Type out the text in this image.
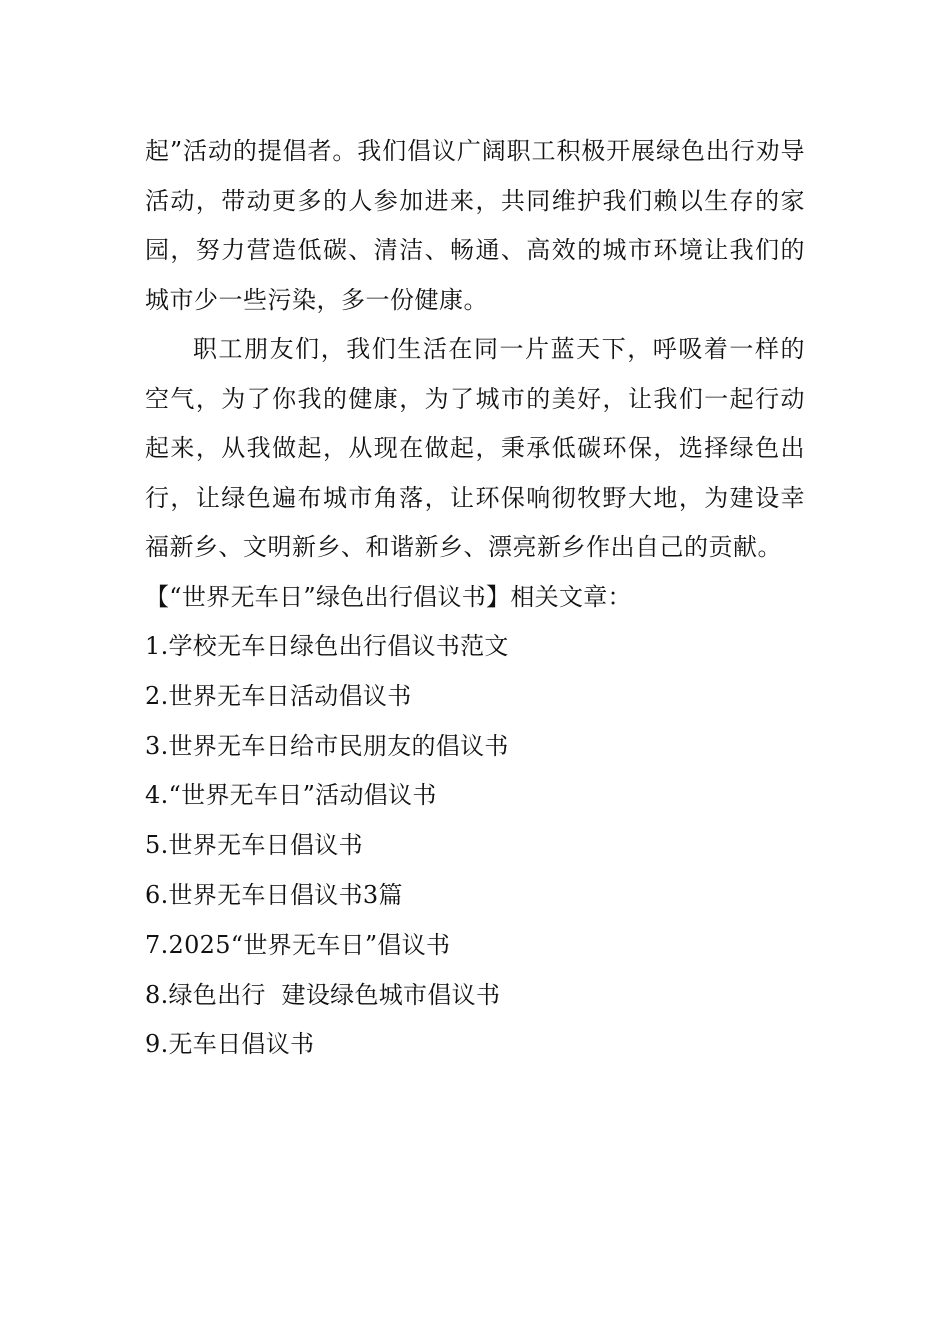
起”活动的提倡者。我们倡议广阔职工积极开展绿色出行劝导活动，带动更多的人参加进来，共同维护我们赖以生存的家园，努力营造低碳、清洁、畅通、高效的城市环境让我们的城市少一些污染，多一份健康。

职工朋友们，我们生活在同一片蓝天下，呼吸着一样的空气，为了你我的健康，为了城市的美好，让我们一起行动起来，从我做起，从现在做起，秉承低碳环保，选择绿色出行，让绿色遍布城市角落，让环保响彻牧野大地，为建设幸福新乡、文明新乡、和谐新乡、漂亮新乡作出自己的贡献。

【“世界无车日”绿色出行倡议书】相关文章：

1.学校无车日绿色出行倡议书范文
2.世界无车日活动倡议书
3.世界无车日给市民朋友的倡议书
4.“世界无车日”活动倡议书
5.世界无车日倡议书
6.世界无车日倡议书3篇
7.2025“世界无车日”倡议书
8.绿色出行  建设绿色城市倡议书
9.无车日倡议书
